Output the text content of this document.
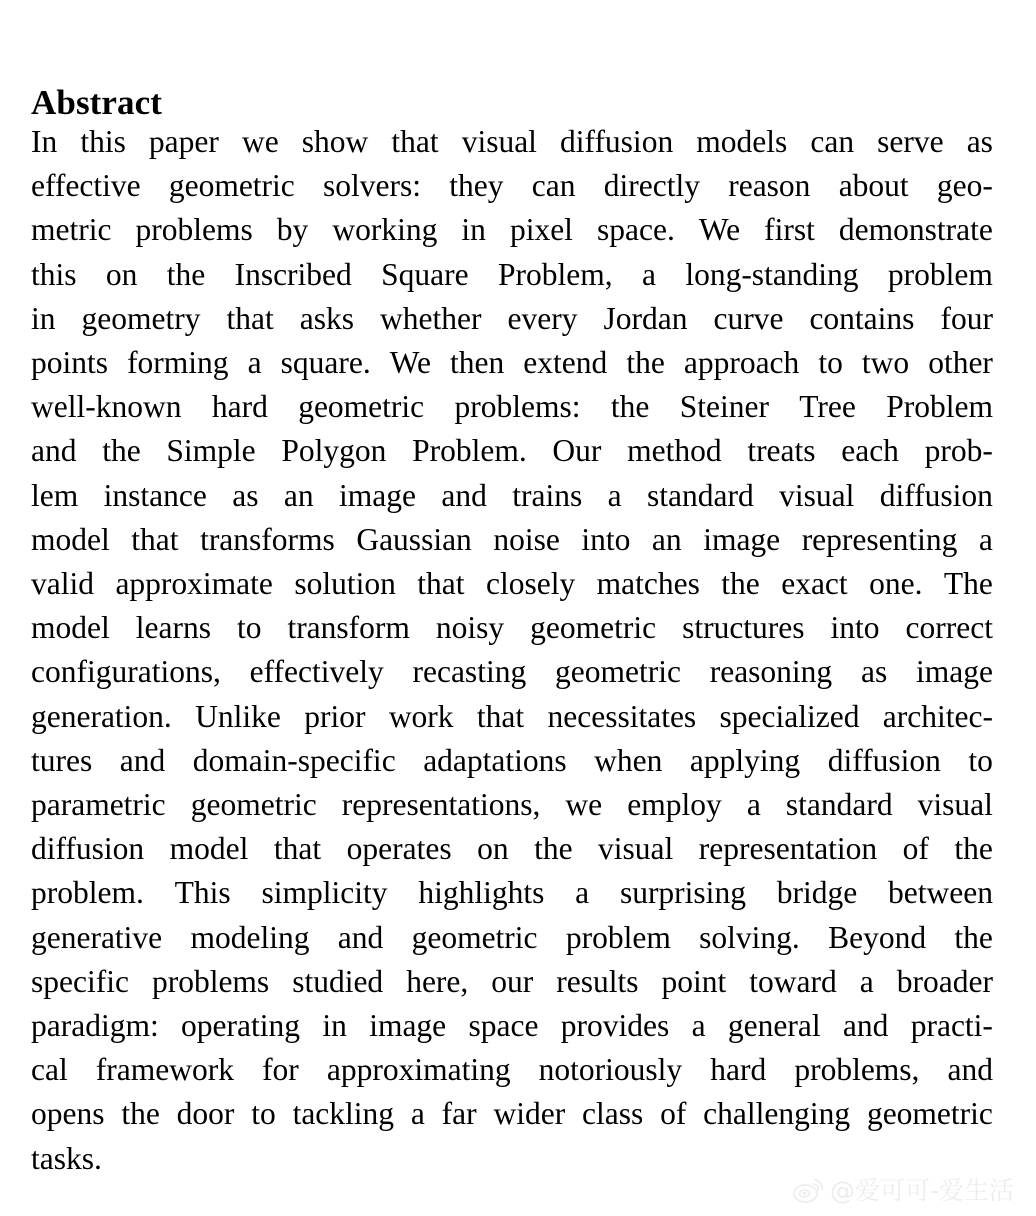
Abstract
In this paper we show that visual diffusion models can serve as
effective geometric solvers: they can directly reason about geo-
metric problems by working in pixel space. We first demonstrate
this on the Inscribed Square Problem, a long-standing problem
in geometry that asks whether every Jordan curve contains four
points forming a square. We then extend the approach to two other
well-known hard geometric problems: the Steiner Tree Problem
and the Simple Polygon Problem. Our method treats each prob-
lem instance as an image and trains a standard visual diffusion
model that transforms Gaussian noise into an image representing a
valid approximate solution that closely matches the exact one. The
model learns to transform noisy geometric structures into correct
configurations, effectively recasting geometric reasoning as image
generation. Unlike prior work that necessitates specialized architec-
tures and domain-specific adaptations when applying diffusion to
parametric geometric representations, we employ a standard visual
diffusion model that operates on the visual representation of the
problem. This simplicity highlights a surprising bridge between
generative modeling and geometric problem solving. Beyond the
specific problems studied here, our results point toward a broader
paradigm: operating in image space provides a general and practi-
cal framework for approximating notoriously hard problems, and
opens the door to tackling a far wider class of challenging geometric
tasks.
@爱可可-爱生活
